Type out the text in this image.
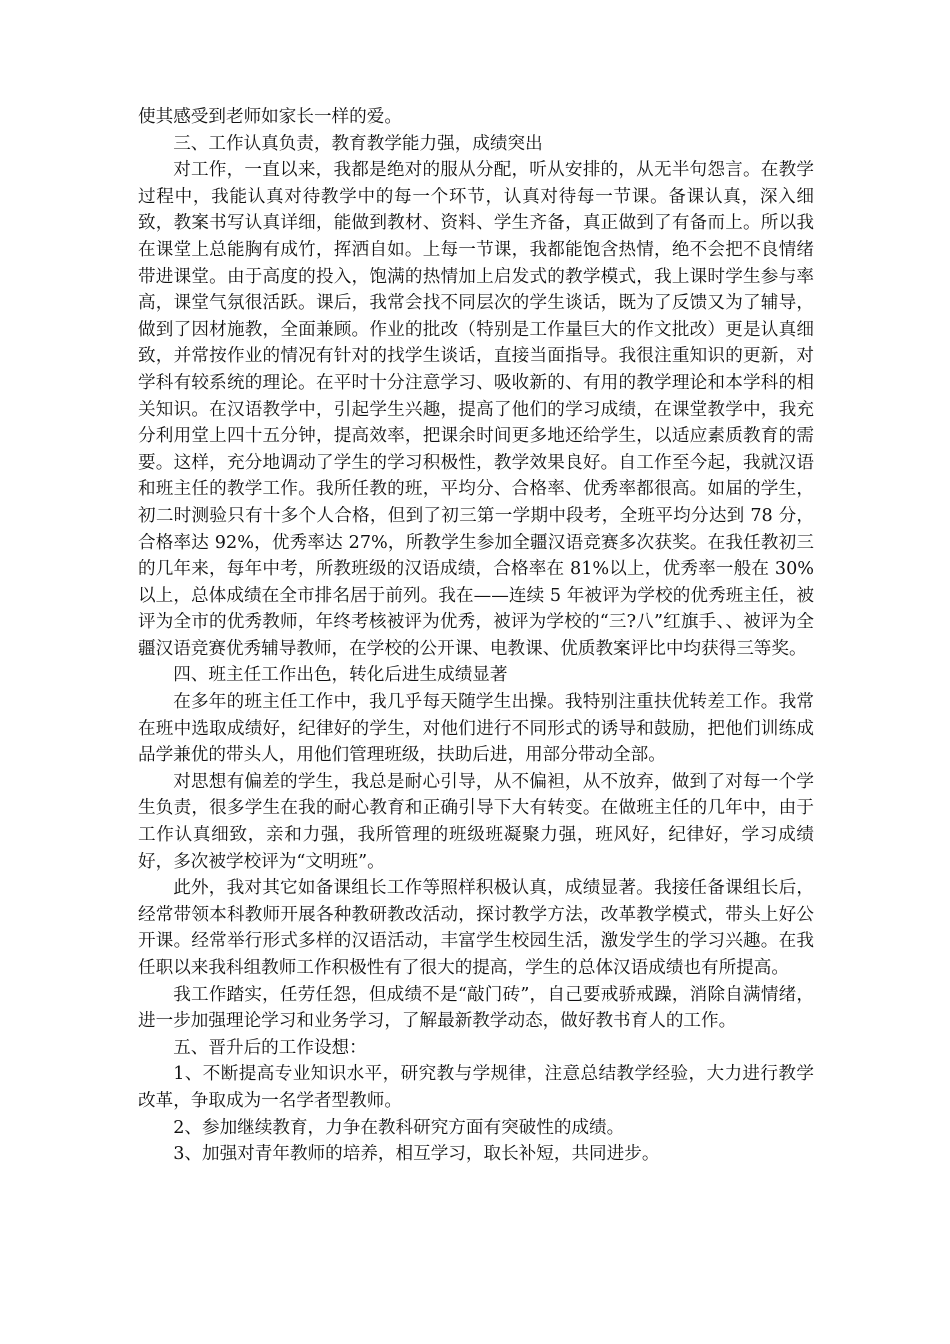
使其感受到老师如家长一样的爱。

三、工作认真负责，教育教学能力强，成绩突出

对工作，一直以来，我都是绝对的服从分配，听从安排的，从无半句怨言。在教学过程中，我能认真对待教学中的每一个环节，认真对待每一节课。备课认真，深入细致，教案书写认真详细，能做到教材、资料、学生齐备，真正做到了有备而上。所以我在课堂上总能胸有成竹，挥洒自如。上每一节课，我都能饱含热情，绝不会把不良情绪带进课堂。由于高度的投入，饱满的热情加上启发式的教学模式，我上课时学生参与率高，课堂气氛很活跃。课后，我常会找不同层次的学生谈话，既为了反馈又为了辅导，做到了因材施教，全面兼顾。作业的批改（特别是工作量巨大的作文批改）更是认真细致，并常按作业的情况有针对的找学生谈话，直接当面指导。我很注重知识的更新，对学科有较系统的理论。在平时十分注意学习、吸收新的、有用的教学理论和本学科的相关知识。在汉语教学中，引起学生兴趣，提高了他们的学习成绩，在课堂教学中，我充分利用堂上四十五分钟，提高效率，把课余时间更多地还给学生，以适应素质教育的需要。这样，充分地调动了学生的学习积极性，教学效果良好。自工作至今起，我就汉语和班主任的教学工作。我所任教的班，平均分、合格率、优秀率都很高。如届的学生，初二时测验只有十多个人合格，但到了初三第一学期中段考，全班平均分达到 78 分，合格率达 92%，优秀率达 27%，所教学生参加全疆汉语竞赛多次获奖。在我任教初三的几年来，每年中考，所教班级的汉语成绩，合格率在 81%以上，优秀率一般在 30%以上，总体成绩在全市排名居于前列。我在——连续 5 年被评为学校的优秀班主任，被评为全市的优秀教师，年终考核被评为优秀，被评为学校的“三?八”红旗手、、被评为全疆汉语竞赛优秀辅导教师，在学校的公开课、电教课、优质教案评比中均获得三等奖。

四、班主任工作出色，转化后进生成绩显著

在多年的班主任工作中，我几乎每天随学生出操。我特别注重扶优转差工作。我常在班中选取成绩好，纪律好的学生，对他们进行不同形式的诱导和鼓励，把他们训练成品学兼优的带头人，用他们管理班级，扶助后进，用部分带动全部。

对思想有偏差的学生，我总是耐心引导，从不偏袒，从不放弃，做到了对每一个学生负责，很多学生在我的耐心教育和正确引导下大有转变。在做班主任的几年中，由于工作认真细致，亲和力强，我所管理的班级班凝聚力强，班风好，纪律好，学习成绩好，多次被学校评为“文明班”。

此外，我对其它如备课组长工作等照样积极认真，成绩显著。我接任备课组长后，经常带领本科教师开展各种教研教改活动，探讨教学方法，改革教学模式，带头上好公开课。经常举行形式多样的汉语活动，丰富学生校园生活，激发学生的学习兴趣。在我任职以来我科组教师工作积极性有了很大的提高，学生的总体汉语成绩也有所提高。

我工作踏实，任劳任怨，但成绩不是“敲门砖”，自己要戒骄戒躁，消除自满情绪，进一步加强理论学习和业务学习，了解最新教学动态，做好教书育人的工作。

五、晋升后的工作设想：

1、不断提高专业知识水平，研究教与学规律，注意总结教学经验，大力进行教学改革，争取成为一名学者型教师。

2、参加继续教育，力争在教科研究方面有突破性的成绩。

3、加强对青年教师的培养，相互学习，取长补短，共同进步。
